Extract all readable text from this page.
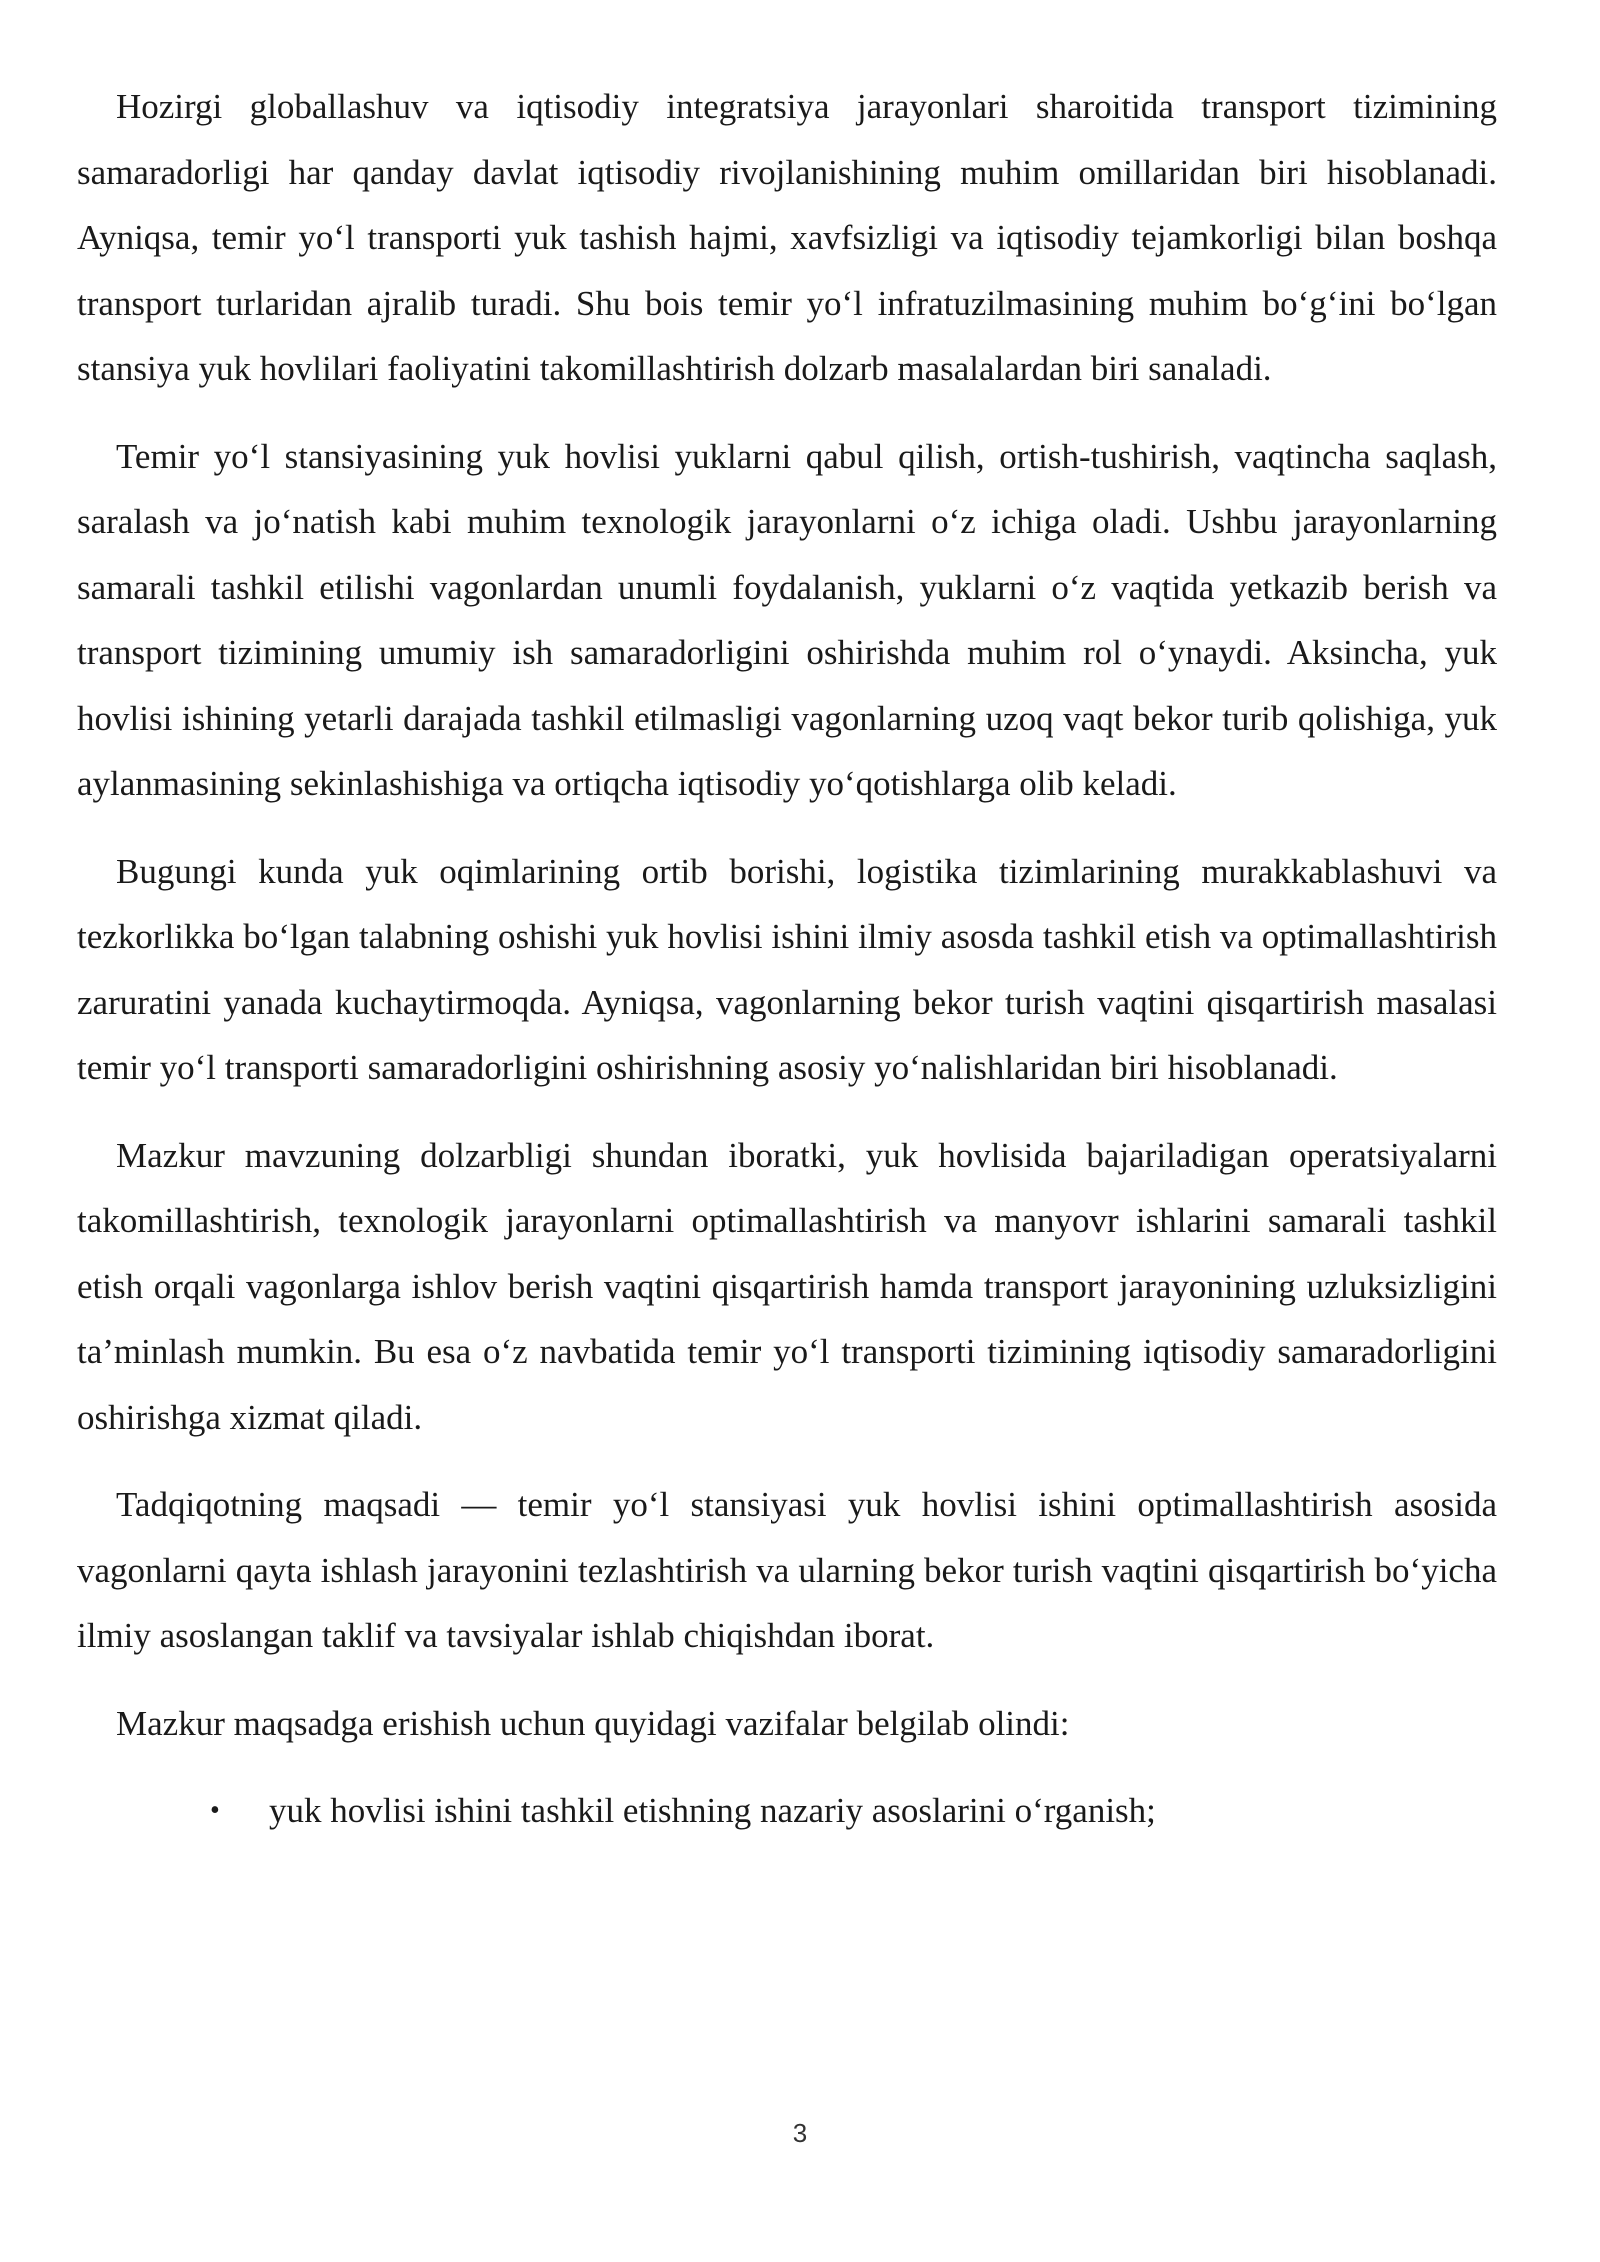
Hozirgi globallashuv va iqtisodiy integratsiya jarayonlari sharoitida transport tizimining samaradorligi har qanday davlat iqtisodiy rivojlanishining muhim omillaridan biri hisoblanadi. Ayniqsa, temir yo‘l transporti yuk tashish hajmi, xavfsizligi va iqtisodiy tejamkorligi bilan boshqa transport turlaridan ajralib turadi. Shu bois temir yo‘l infratuzilmasining muhim bo‘g‘ini bo‘lgan stansiya yuk hovlilari faoliyatini takomillashtirish dolzarb masalalardan biri sanaladi.

Temir yo‘l stansiyasining yuk hovlisi yuklarni qabul qilish, ortish-tushirish, vaqtincha saqlash, saralash va jo‘natish kabi muhim texnologik jarayonlarni o‘z ichiga oladi. Ushbu jarayonlarning samarali tashkil etilishi vagonlardan unumli foydalanish, yuklarni o‘z vaqtida yetkazib berish va transport tizimining umumiy ish samaradorligini oshirishda muhim rol o‘ynaydi. Aksincha, yuk hovlisi ishining yetarli darajada tashkil etilmasligi vagonlarning uzoq vaqt bekor turib qolishiga, yuk aylanmasining sekinlashishiga va ortiqcha iqtisodiy yo‘qotishlarga olib keladi.

Bugungi kunda yuk oqimlarining ortib borishi, logistika tizimlarining murakkablashuvi va tezkorlikka bo‘lgan talabning oshishi yuk hovlisi ishini ilmiy asosda tashkil etish va optimallashtirish zaruratini yanada kuchaytirmoqda. Ayniqsa, vagonlarning bekor turish vaqtini qisqartirish masalasi temir yo‘l transporti samaradorligini oshirishning asosiy yo‘nalishlaridan biri hisoblanadi.

Mazkur mavzuning dolzarbligi shundan iboratki, yuk hovlisida bajariladigan operatsiyalarni takomillashtirish, texnologik jarayonlarni optimallashtirish va manyovr ishlarini samarali tashkil etish orqali vagonlarga ishlov berish vaqtini qisqartirish hamda transport jarayonining uzluksizligini ta’minlash mumkin. Bu esa o‘z navbatida temir yo‘l transporti tizimining iqtisodiy samaradorligini oshirishga xizmat qiladi.

Tadqiqotning maqsadi — temir yo‘l stansiyasi yuk hovlisi ishini optimallashtirish asosida vagonlarni qayta ishlash jarayonini tezlashtirish va ularning bekor turish vaqtini qisqartirish bo‘yicha ilmiy asoslangan taklif va tavsiyalar ishlab chiqishdan iborat.

Mazkur maqsadga erishish uchun quyidagi vazifalar belgilab olindi:

• yuk hovlisi ishini tashkil etishning nazariy asoslarini o‘rganish;
3
